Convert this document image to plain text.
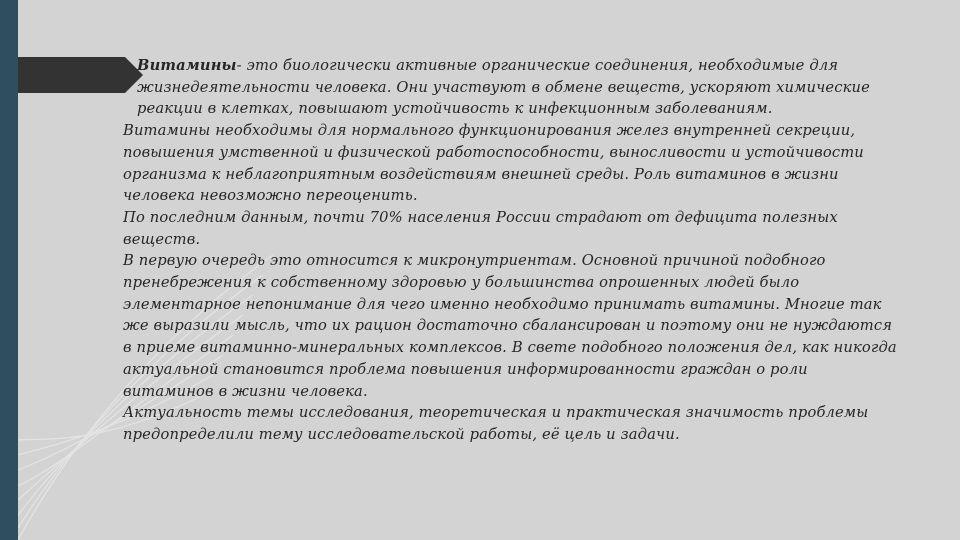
Витамины- это биологически активные органические соединения, необходимые для жизнедеятельности человека. Они участвуют в обмене веществ, ускоряют химические реакции в клетках, повышают устойчивость к инфекционным заболеваниям.

Витамины необходимы для нормального функционирования желез внутренней секреции, повышения умственной и физической работоспособности, выносливости и устойчивости организма к неблагоприятным воздействиям внешней среды. Роль витаминов в жизни человека невозможно переоценить.

По последним данным, почти 70% населения России страдают от дефицита полезных веществ.

В первую очередь это относится к микронутриентам. Основной причиной подобного пренебрежения к собственному здоровью у большинства опрошенных людей было элементарное непонимание для чего именно необходимо принимать витамины. Многие так же выразили мысль, что их рацион достаточно сбалансирован и поэтому они не нуждаются в приеме витаминно-минеральных комплексов. В свете подобного положения дел, как никогда актуальной становится проблема повышения информированности граждан о роли витаминов в жизни человека.

Актуальность темы исследования, теоретическая и практическая значимость проблемы предопределили тему исследовательской работы, её цель и задачи.
